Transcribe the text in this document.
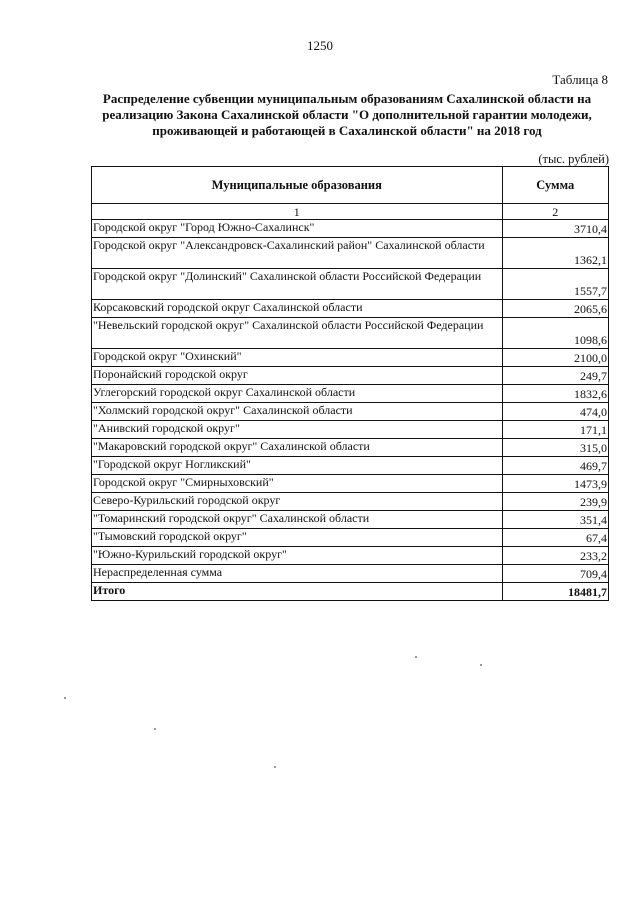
1250
Таблица 8
Распределение субвенции муниципальным образованиям Сахалинской области на реализацию Закона Сахалинской области "О дополнительной гарантии молодежи, проживающей и работающей в Сахалинской области" на 2018 год
(тыс. рублей)
Муниципальные образования	Сумма
1	2
Городской округ "Город Южно-Сахалинск"	3710,4
Городской округ "Александровск-Сахалинский район" Сахалинской области	1362,1
Городской округ "Долинский" Сахалинской области Российской Федерации	1557,7
Корсаковский городской округ Сахалинской области	2065,6
"Невельский городской округ" Сахалинской области Российской Федерации	1098,6
Городской округ "Охинский"	2100,0
Поронайский городской округ	249,7
Углегорский городской округ Сахалинской области	1832,6
"Холмский городской округ" Сахалинской области	474,0
"Анивский городской округ"	171,1
"Макаровский городской округ" Сахалинской области	315,0
"Городской округ Ногликский"	469,7
Городской округ "Смирныховский"	1473,9
Северо-Курильский городской округ	239,9
"Томаринский городской округ" Сахалинской области	351,4
"Тымовский городской округ"	67,4
"Южно-Курильский городской округ"	233,2
Нераспределенная сумма	709,4
Итого	18481,7
